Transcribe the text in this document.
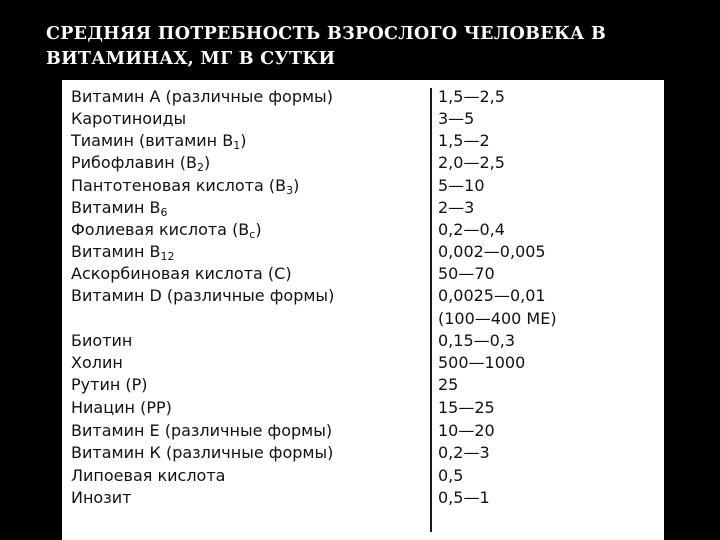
СРЕДНЯЯ ПОТРЕБНОСТЬ ВЗРОСЛОГО ЧЕЛОВЕКА В ВИТАМИНАХ, МГ В СУТКИ
Витамин А (различные формы)	1,5—2,5
Каротиноиды	3—5
Тиамин (витамин $В_1$)	1,5—2
Рибофлавин $(В_2)$	2,0—2,5
Пантотеновая кислота $(В_3)$	5—10
Витамин $В_6$	2—3
Фолиевая кислота $(В_c)$	0,2—0,4
Витамин $В_{12}$	0,002—0,005
Аскорбиновая кислота (С)	50—70
Витамин D (различные формы)	0,0025—0,01
(100—400 МЕ)
Биотин	0,15—0,3
Холин	500—1000
Рутин (Р)	25
Ниацин (РР)	15—25
Витамин Е (различные формы)	10—20
Витамин К (различные формы)	0,2—3
Липоевая кислота	0,5
Инозит	0,5—1
